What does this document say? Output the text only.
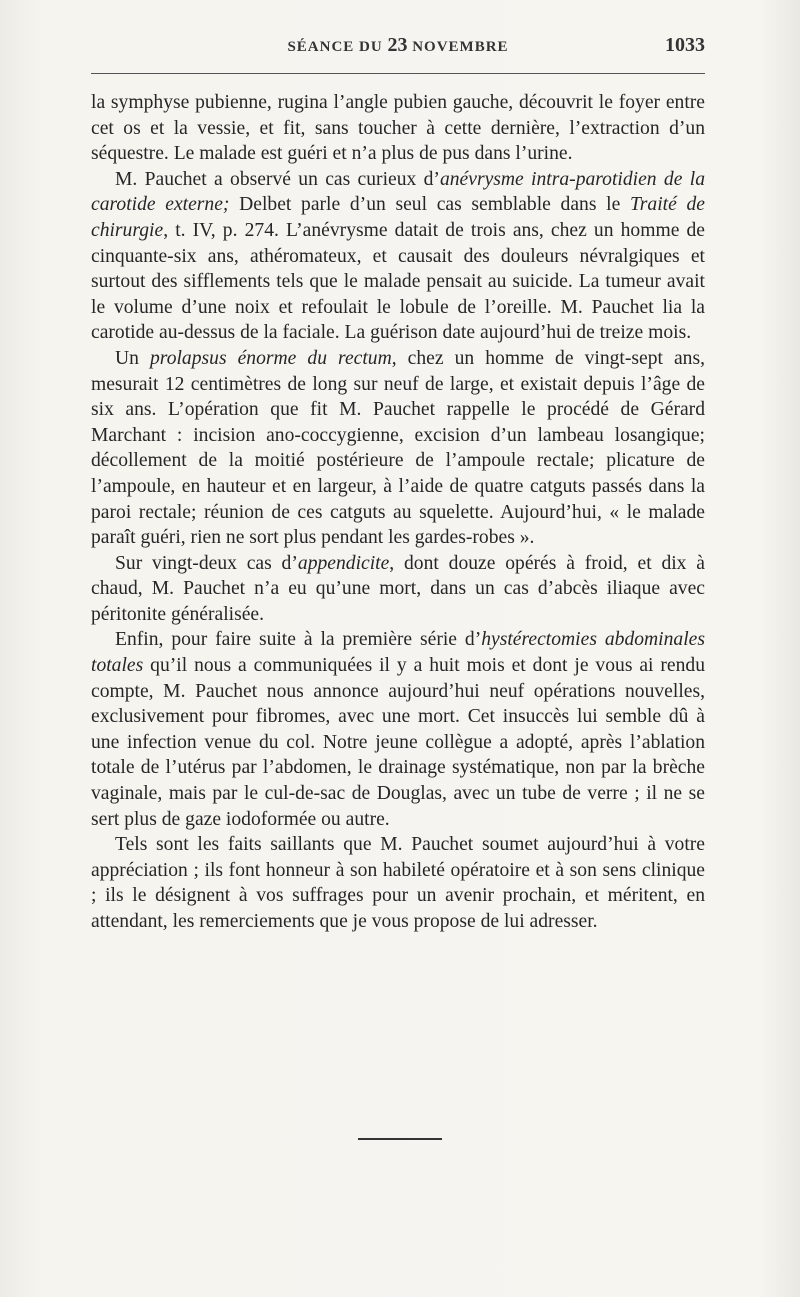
SÉANCE DU 23 NOVEMBRE	1033

la symphyse pubienne, rugina l’angle pubien gauche, découvrit le foyer entre cet os et la vessie, et fit, sans toucher à cette dernière, l’extraction d’un séquestre. Le malade est guéri et n’a plus de pus dans l’urine.

M. Pauchet a observé un cas curieux d’anévrysme intra-parotidien de la carotide externe; Delbet parle d’un seul cas semblable dans le Traité de chirurgie, t. IV, p. 274. L’anévrysme datait de trois ans, chez un homme de cinquante-six ans, athéromateux, et causait des douleurs névralgiques et surtout des sifflements tels que le malade pensait au suicide. La tumeur avait le volume d’une noix et refoulait le lobule de l’oreille. M. Pauchet lia la carotide au-dessus de la faciale. La guérison date aujourd’hui de treize mois.

Un prolapsus énorme du rectum, chez un homme de vingt-sept ans, mesurait 12 centimètres de long sur neuf de large, et existait depuis l’âge de six ans. L’opération que fit M. Pauchet rappelle le procédé de Gérard Marchant : incision ano-coccygienne, excision d’un lambeau losangique; décollement de la moitié postérieure de l’ampoule rectale; plicature de l’ampoule, en hauteur et en largeur, à l’aide de quatre catguts passés dans la paroi rectale; réunion de ces catguts au squelette. Aujourd’hui, « le malade paraît guéri, rien ne sort plus pendant les gardes-robes ».

Sur vingt-deux cas d’appendicite, dont douze opérés à froid, et dix à chaud, M. Pauchet n’a eu qu’une mort, dans un cas d’abcès iliaque avec péritonite généralisée.

Enfin, pour faire suite à la première série d’hystérectomies abdominales totales qu’il nous a communiquées il y a huit mois et dont je vous ai rendu compte, M. Pauchet nous annonce aujourd’hui neuf opérations nouvelles, exclusivement pour fibromes, avec une mort. Cet insuccès lui semble dû à une infection venue du col. Notre jeune collègue a adopté, après l’ablation totale de l’utérus par l’abdomen, le drainage systématique, non par la brèche vaginale, mais par le cul-de-sac de Douglas, avec un tube de verre ; il ne se sert plus de gaze iodoformée ou autre.

Tels sont les faits saillants que M. Pauchet soumet aujourd’hui à votre appréciation ; ils font honneur à son habileté opératoire et à son sens clinique ; ils le désignent à vos suffrages pour un avenir prochain, et méritent, en attendant, les remerciements que je vous propose de lui adresser.
